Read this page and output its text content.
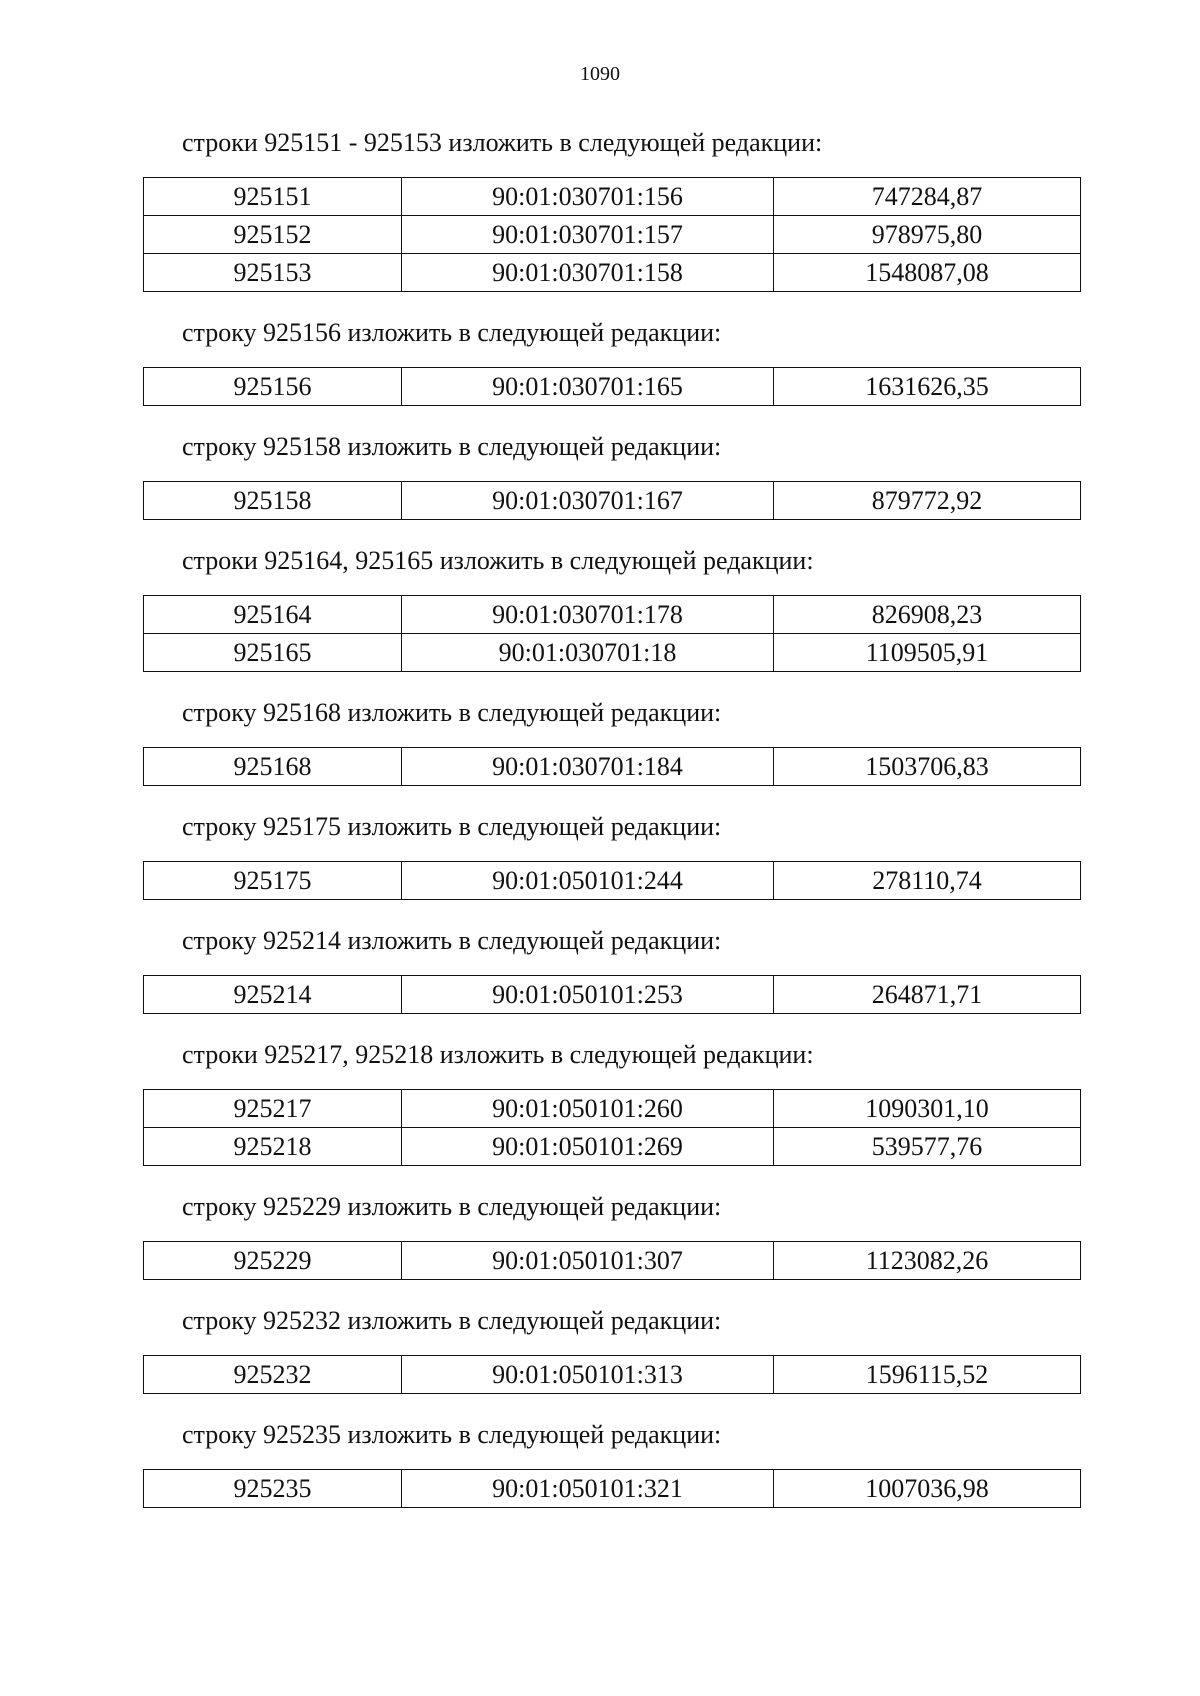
1090

строки 925151 - 925153 изложить в следующей редакции:

925151	90:01:030701:156	747284,87
925152	90:01:030701:157	978975,80
925153	90:01:030701:158	1548087,08

строку 925156 изложить в следующей редакции:

925156	90:01:030701:165	1631626,35

строку 925158 изложить в следующей редакции:

925158	90:01:030701:167	879772,92

строки 925164, 925165 изложить в следующей редакции:

925164	90:01:030701:178	826908,23
925165	90:01:030701:18	1109505,91

строку 925168 изложить в следующей редакции:

925168	90:01:030701:184	1503706,83

строку 925175 изложить в следующей редакции:

925175	90:01:050101:244	278110,74

строку 925214 изложить в следующей редакции:

925214	90:01:050101:253	264871,71

строки 925217, 925218 изложить в следующей редакции:

925217	90:01:050101:260	1090301,10
925218	90:01:050101:269	539577,76

строку 925229 изложить в следующей редакции:

925229	90:01:050101:307	1123082,26

строку 925232 изложить в следующей редакции:

925232	90:01:050101:313	1596115,52

строку 925235 изложить в следующей редакции:

925235	90:01:050101:321	1007036,98
